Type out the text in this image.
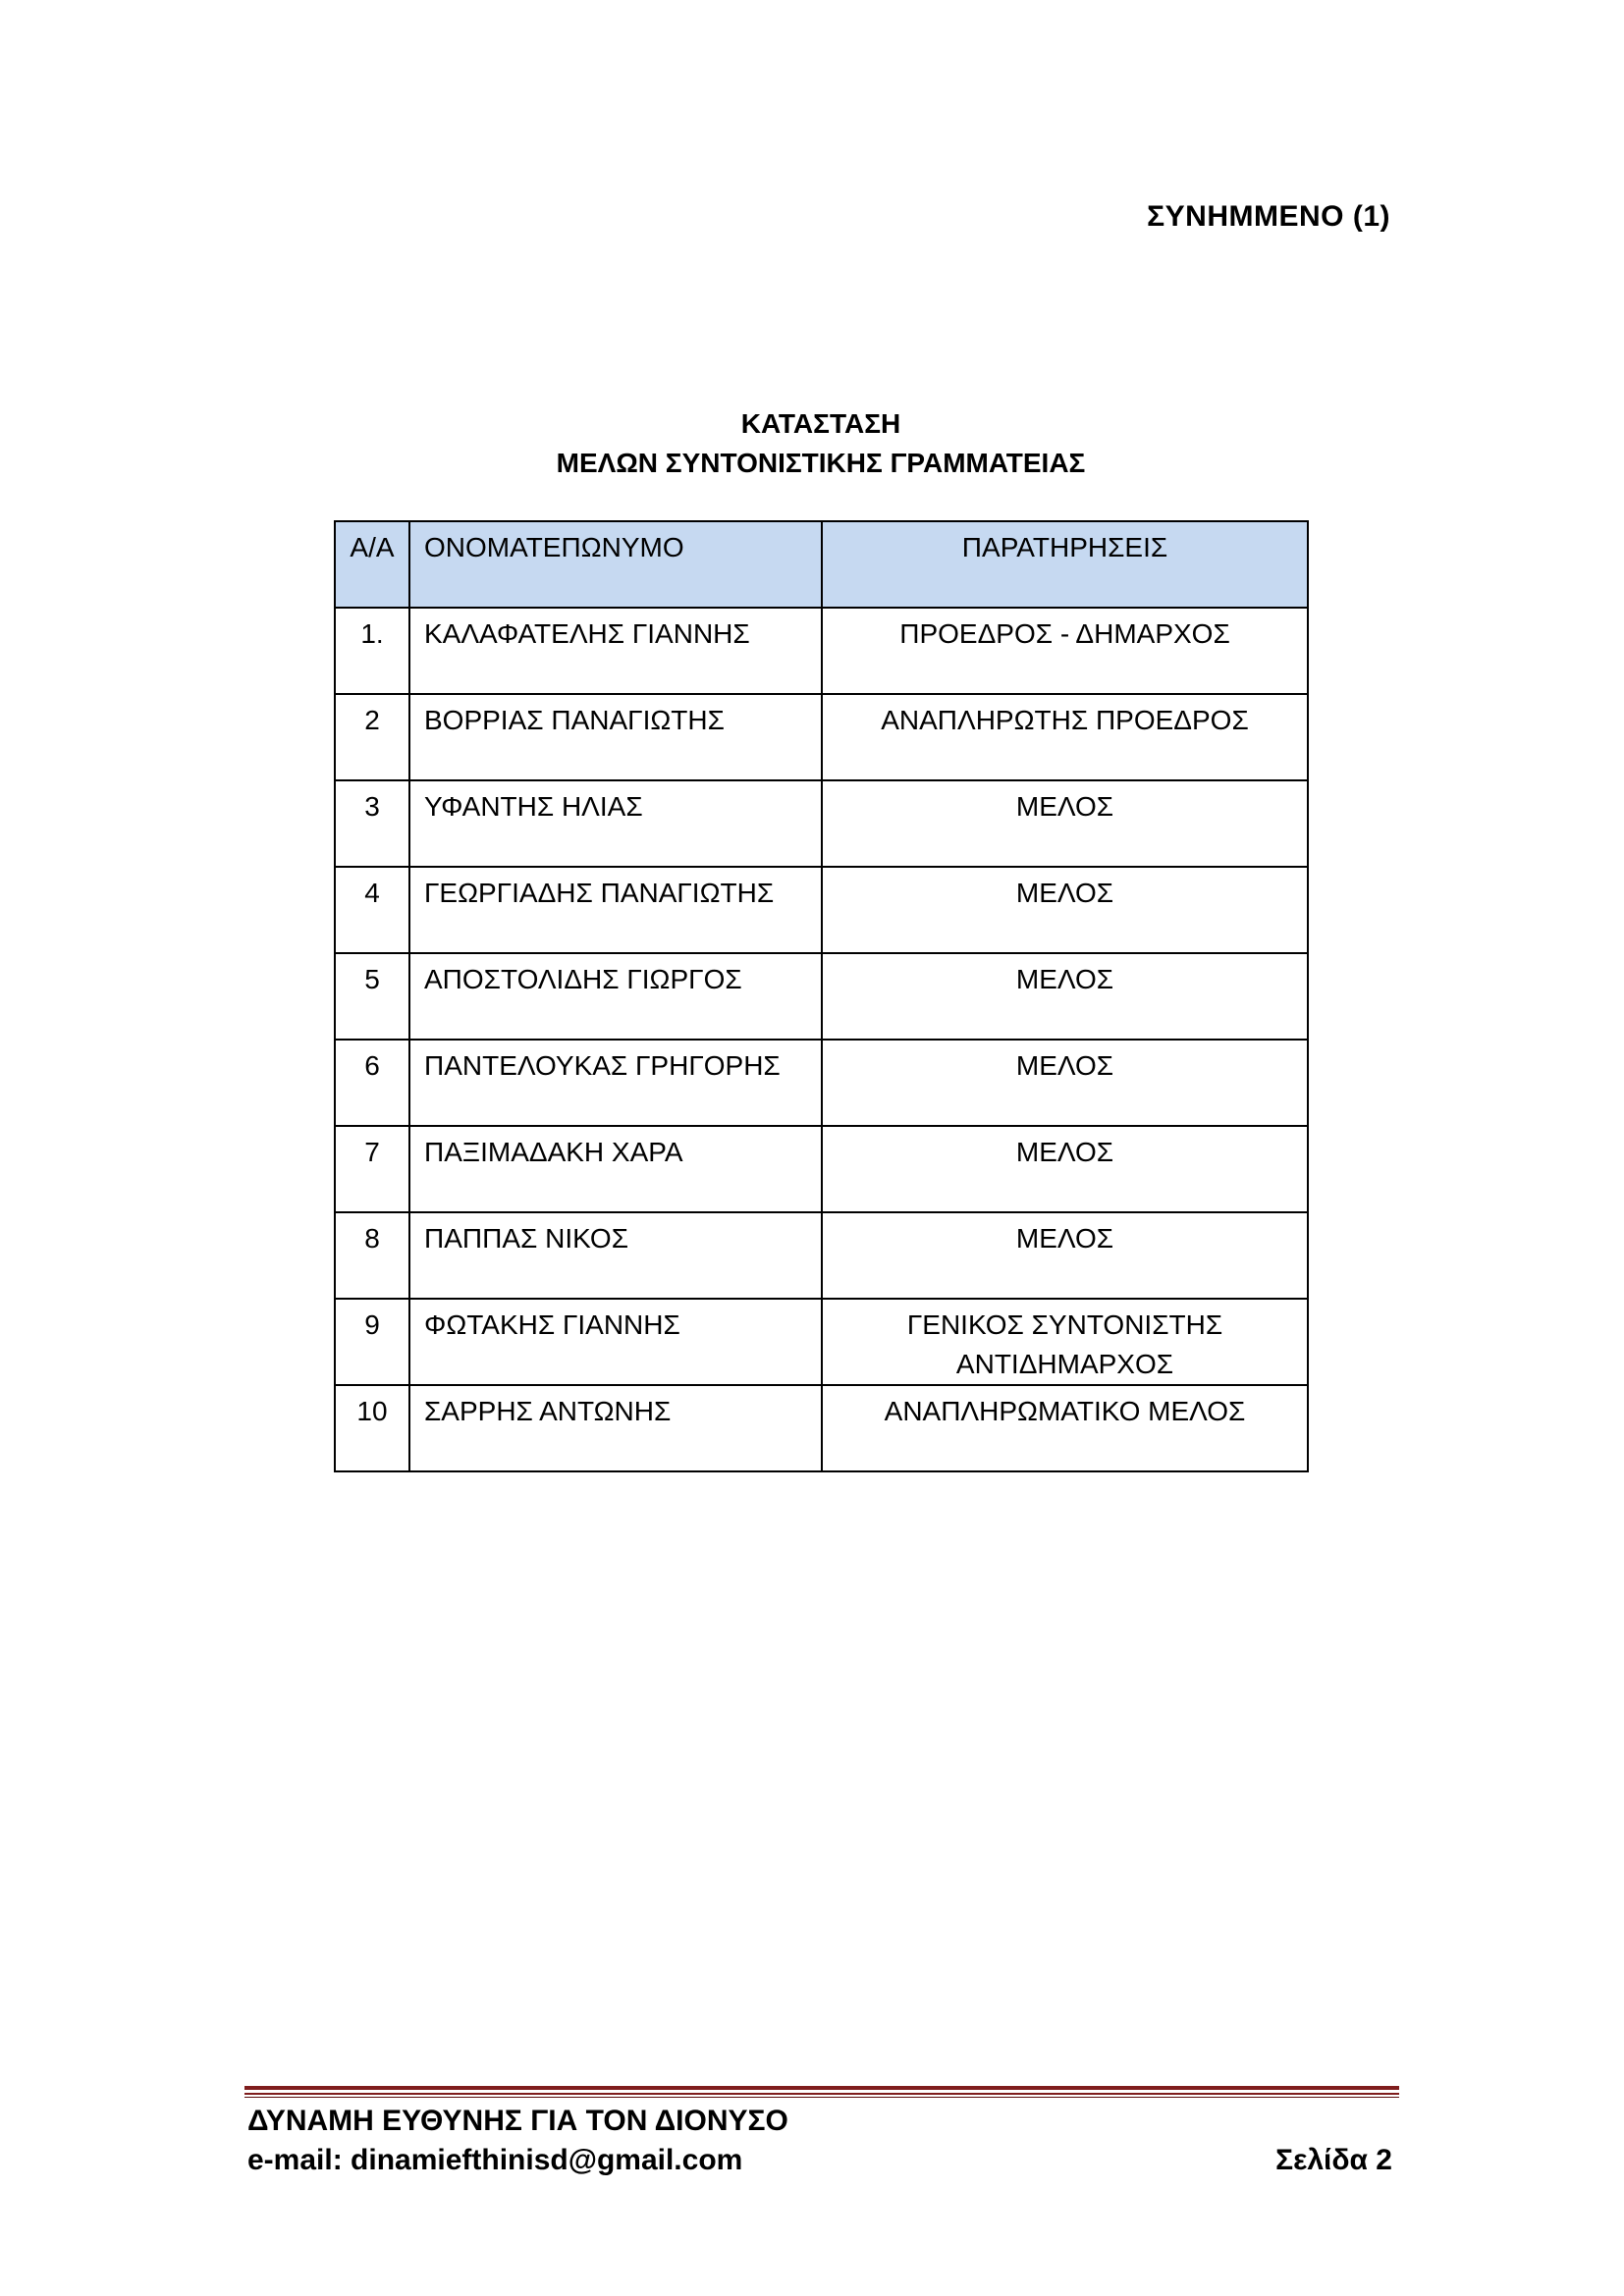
ΣΥΝΗΜΜΕΝΟ (1)
ΚΑΤΑΣΤΑΣΗ
ΜΕΛΩΝ ΣΥΝΤΟΝΙΣΤΙΚΗΣ ΓΡΑΜΜΑΤΕΙΑΣ
Α/Α	ΟΝΟΜΑΤΕΠΩΝΥΜΟ	ΠΑΡΑΤΗΡΗΣΕΙΣ
1.	ΚΑΛΑΦΑΤΕΛΗΣ ΓΙΑΝΝΗΣ	ΠΡΟΕΔΡΟΣ - ΔΗΜΑΡΧΟΣ
2	ΒΟΡΡΙΑΣ ΠΑΝΑΓΙΩΤΗΣ	ΑΝΑΠΛΗΡΩΤΗΣ ΠΡΟΕΔΡΟΣ
3	ΥΦΑΝΤΗΣ ΗΛΙΑΣ	ΜΕΛΟΣ
4	ΓΕΩΡΓΙΑΔΗΣ ΠΑΝΑΓΙΩΤΗΣ	ΜΕΛΟΣ
5	ΑΠΟΣΤΟΛΙΔΗΣ ΓΙΩΡΓΟΣ	ΜΕΛΟΣ
6	ΠΑΝΤΕΛΟΥΚΑΣ ΓΡΗΓΟΡΗΣ	ΜΕΛΟΣ
7	ΠΑΞΙΜΑΔΑΚΗ ΧΑΡΑ	ΜΕΛΟΣ
8	ΠΑΠΠΑΣ ΝΙΚΟΣ	ΜΕΛΟΣ
9	ΦΩΤΑΚΗΣ ΓΙΑΝΝΗΣ	ΓΕΝΙΚΟΣ ΣΥΝΤΟΝΙΣΤΗΣ
ΑΝΤΙΔΗΜΑΡΧΟΣ

10	ΣΑΡΡΗΣ ΑΝΤΩΝΗΣ	ΑΝΑΠΛΗΡΩΜΑΤΙΚΟ ΜΕΛΟΣ
ΔΥΝΑΜΗ ΕΥΘΥΝΗΣ ΓΙΑ ΤΟΝ ΔΙΟΝΥΣΟ
e-mail: dinamiefthinisd@gmail.com	Σελίδα 2
